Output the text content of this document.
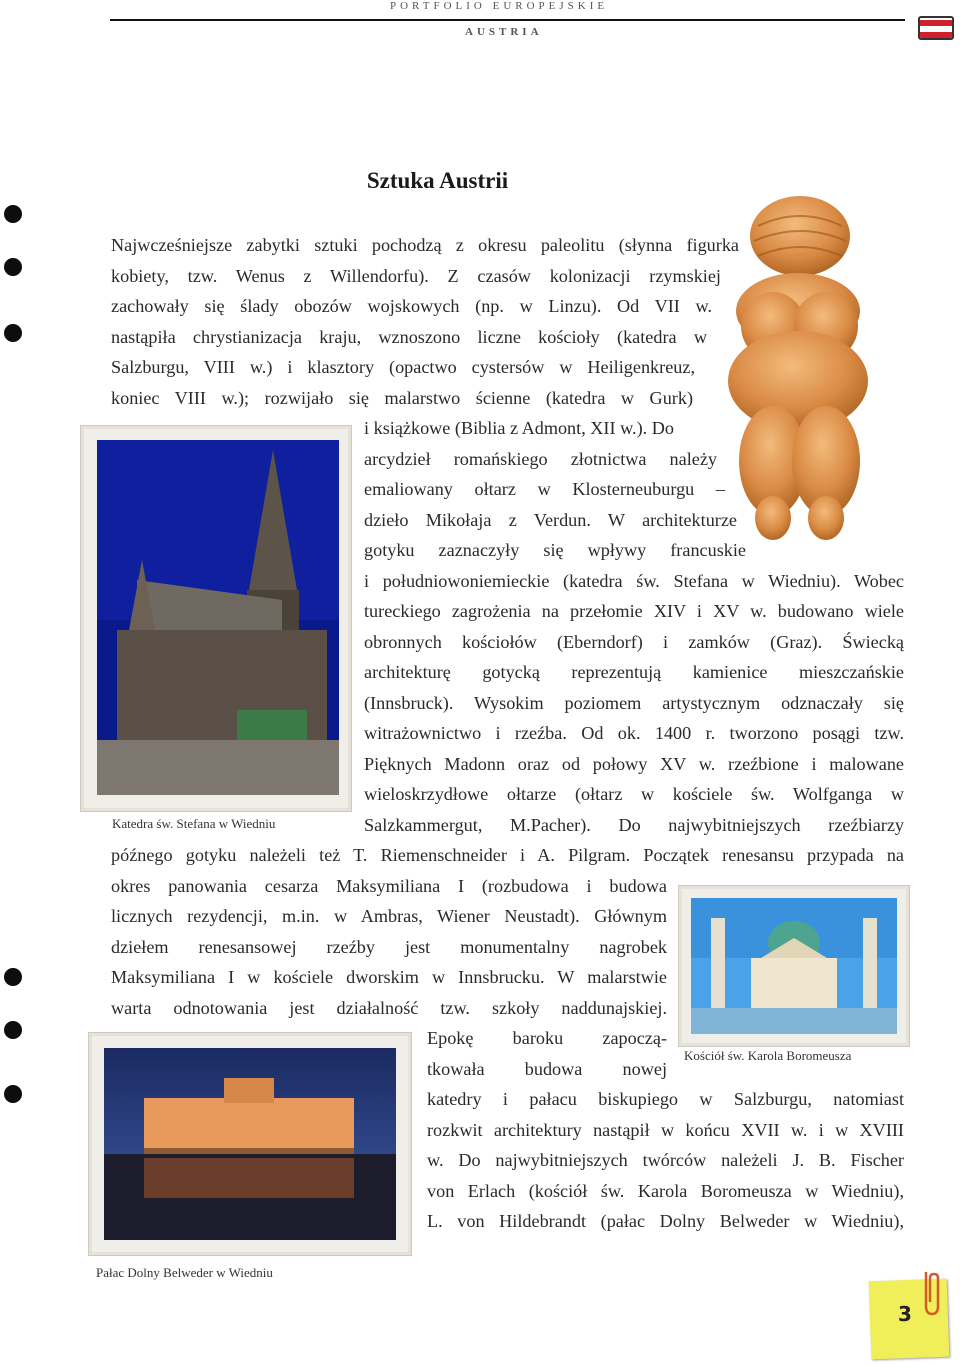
PORTFOLIO EUROPEJSKIE
AUSTRIA
Sztuka Austrii
Katedra św. Stefana w Wiedniu
Kościół św. Karola Boromeusza
Pałac Dolny Belweder w Wiedniu
Najwcześniejsze zabytki sztuki pochodzą z okresu paleolitu (słynna figurka
kobiety, tzw. Wenus z Willendorfu). Z czasów kolonizacji rzymskiej
zachowały się ślady obozów wojskowych (np. w Linzu). Od VII w.
nastąpiła chrystianizacja kraju, wznoszono liczne kościoły (katedra w
Salzburgu, VIII w.) i klasztory (opactwo cystersów w Heiligenkreuz,
koniec VIII w.); rozwijało się malarstwo ścienne (katedra w Gurk)
i książkowe (Biblia z Admont, XII w.). Do
arcydzieł romańskiego złotnictwa należy
emaliowany ołtarz w Klosterneuburgu –
dzieło Mikołaja z Verdun. W architekturze
gotyku zaznaczyły się wpływy francuskie
i południowoniemieckie (katedra św. Stefana w Wiedniu). Wobec
tureckiego zagrożenia na przełomie XIV i XV w. budowano wiele
obronnych kościołów (Eberndorf) i zamków (Graz). Świecką
architekturę gotycką reprezentują kamienice mieszczańskie
(Innsbruck). Wysokim poziomem artystycznym odznaczały się
witrażownictwo i rzeźba. Od ok. 1400 r. tworzono posągi tzw.
Pięknych Madonn oraz od połowy XV w. rzeźbione i malowane
wieloskrzydłowe ołtarze (ołtarz w kościele św. Wolfganga w
Salzkammergut, M.Pacher). Do najwybitniejszych rzeźbiarzy
późnego gotyku należeli też T. Riemenschneider i A. Pilgram. Początek renesansu przypada na
okres panowania cesarza Maksymiliana I (rozbudowa i budowa
licznych rezydencji, m.in. w Ambras, Wiener Neustadt). Głównym
dziełem renesansowej rzeźby jest monumentalny nagrobek
Maksymiliana I w kościele dworskim w Innsbrucku. W malarstwie
warta odnotowania jest działalność tzw. szkoły naddunajskiej.
Epokę baroku zapoczą-
tkowała budowa nowej
katedry i pałacu biskupiego w Salzburgu, natomiast
rozkwit architektury nastąpił w końcu XVII w. i w XVIII
w. Do najwybitniejszych twórców należeli J. B. Fischer
von Erlach (kościół św. Karola Boromeusza w Wiedniu),
L. von Hildebrandt (pałac Dolny Belweder w Wiedniu),
3
